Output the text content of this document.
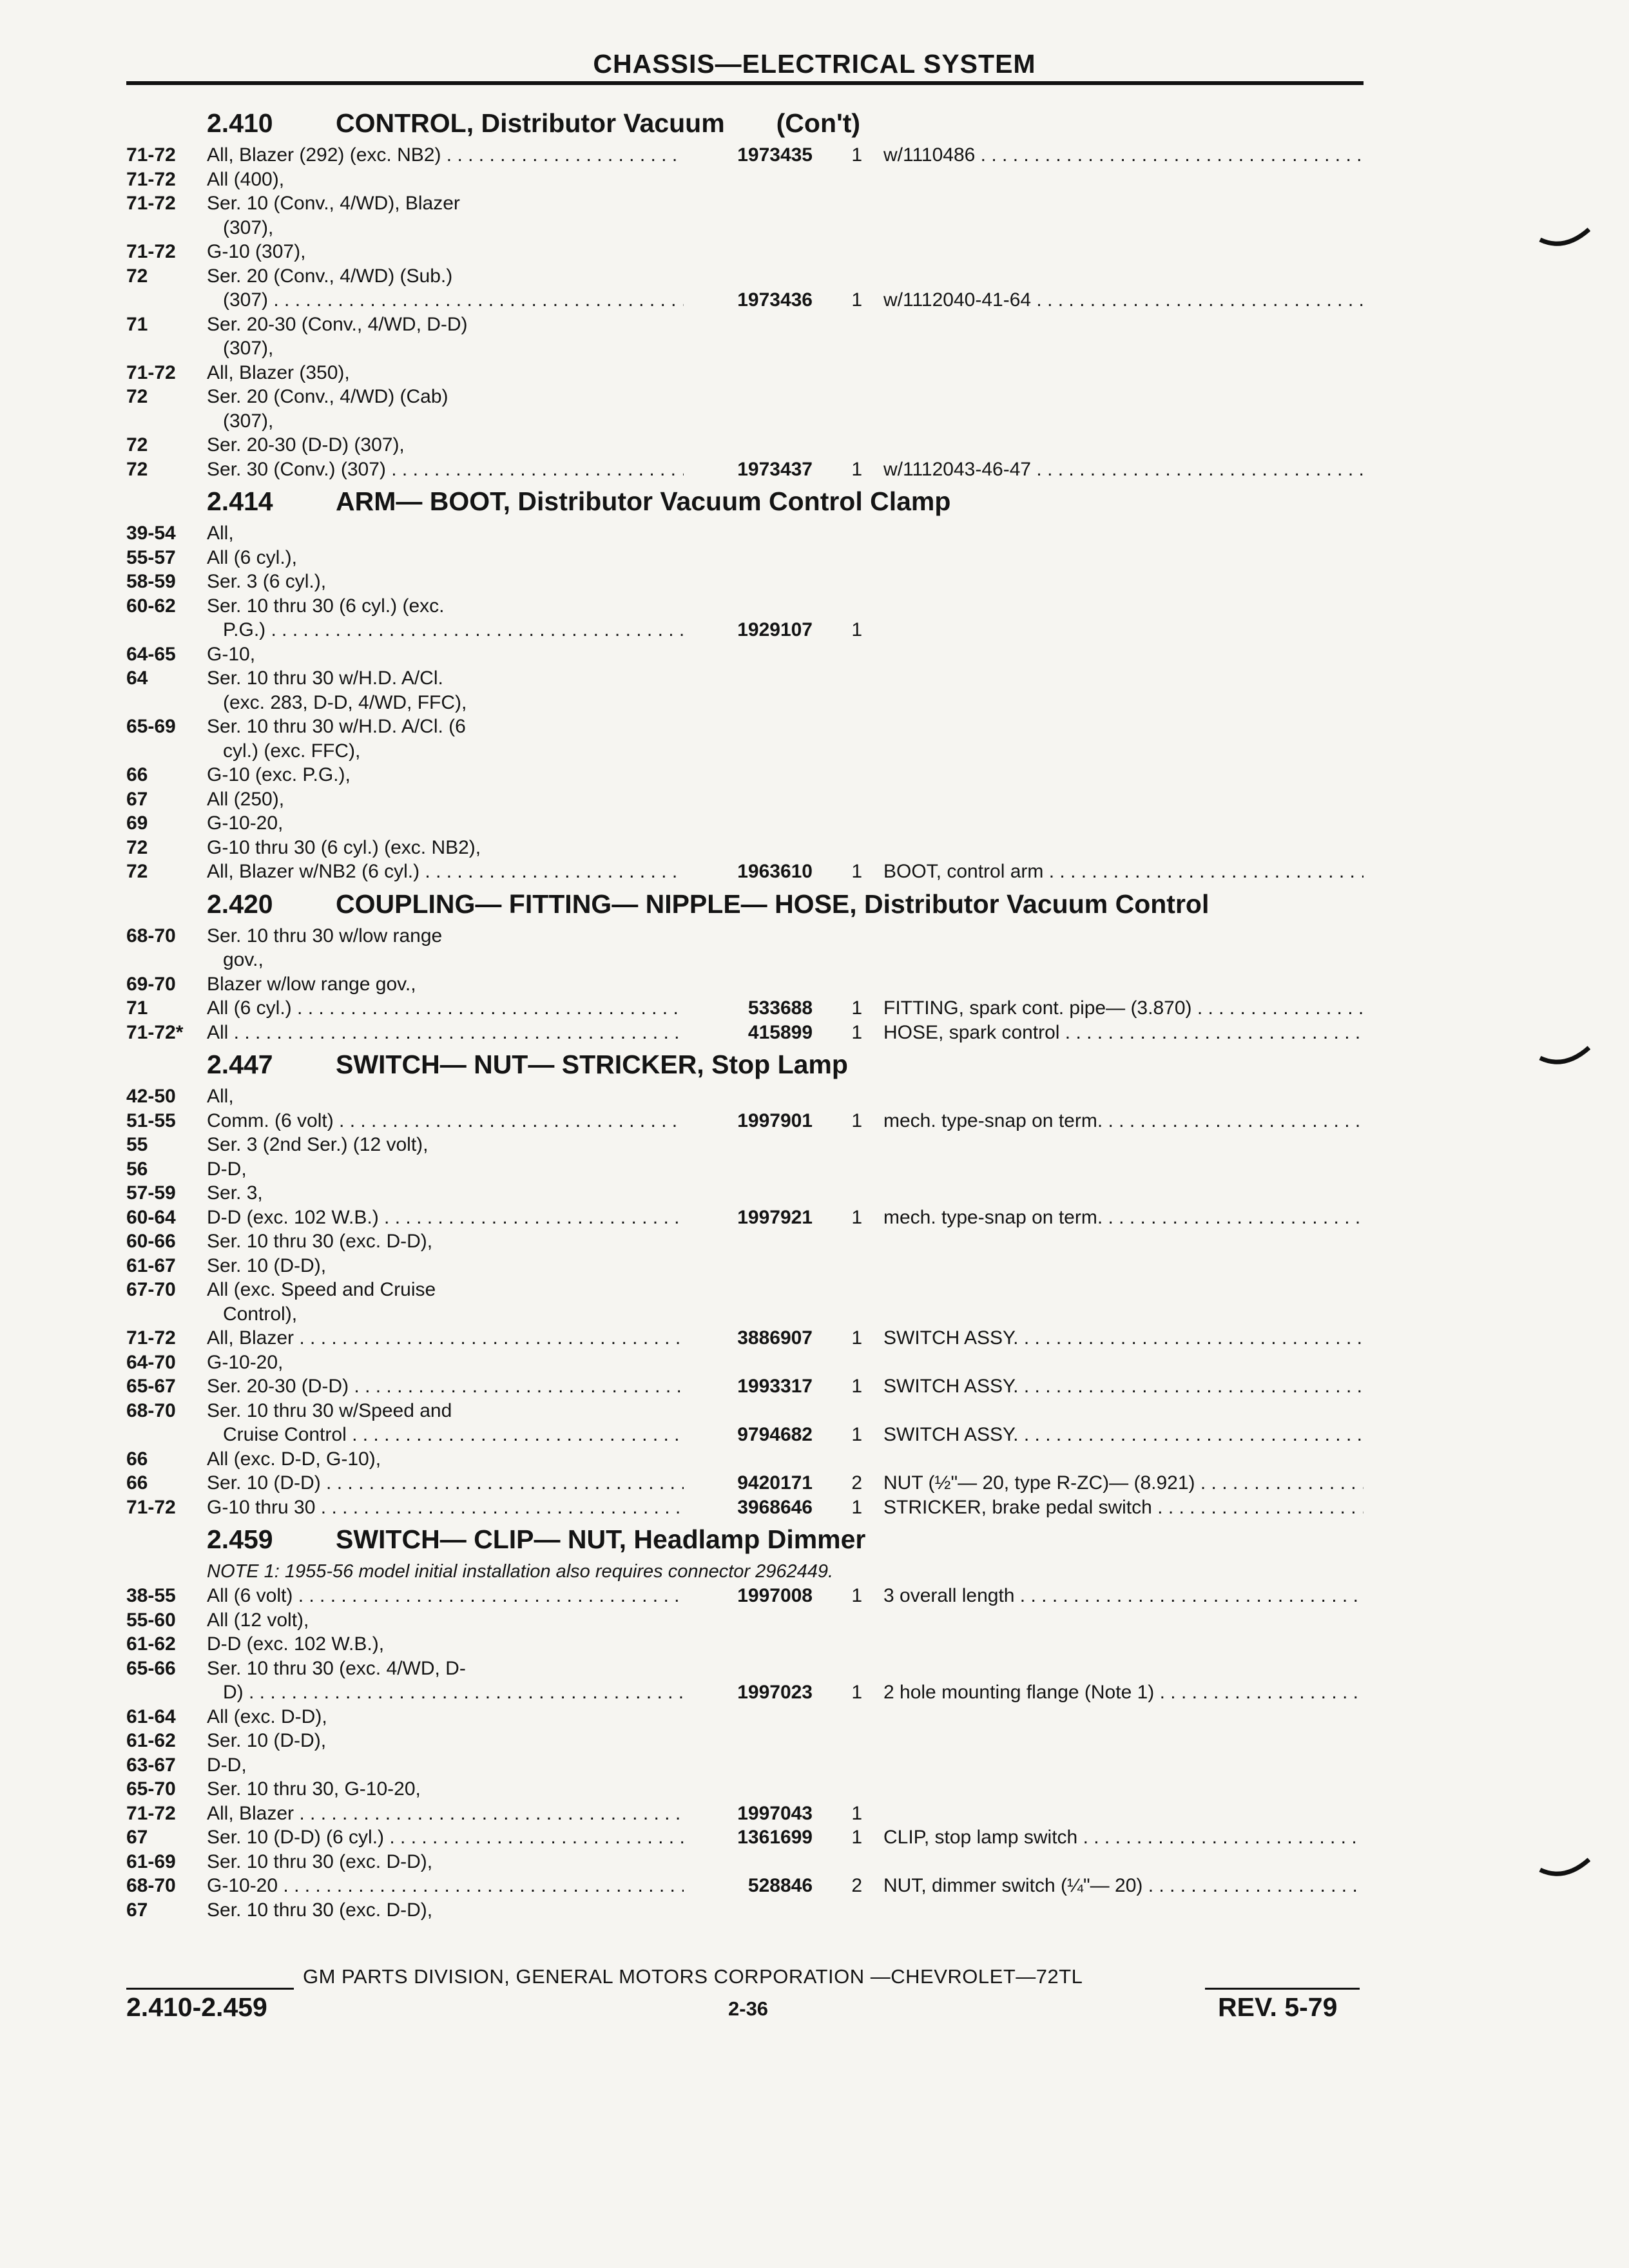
CHASSIS—ELECTRICAL SYSTEM
2.410 CONTROL, Distributor Vacuum (Con't)
71-72	All, Blazer (292) (exc. NB2) . . .	1973435	1 w/1110486 . . .
71-72	All (400),
71-72	Ser. 10 (Conv., 4/WD), Blazer
(307),
71-72	G-10 (307),
72	Ser. 20 (Conv., 4/WD) (Sub.)
(307) . . .	1973436	1 w/1112040-41-64 . . .
71	Ser. 20-30 (Conv., 4/WD, D-D)
(307),
71-72	All, Blazer (350),
72	Ser. 20 (Conv., 4/WD) (Cab)
(307),
72	Ser. 20-30 (D-D) (307),
72	Ser. 30 (Conv.) (307) . . .	1973437	1 w/1112043-46-47 . . .
2.414 ARM— BOOT, Distributor Vacuum Control Clamp
39-54	All,
55-57	All (6 cyl.),
58-59	Ser. 3 (6 cyl.),
60-62	Ser. 10 thru 30 (6 cyl.) (exc.
P.G.) . . .	1929107	1
64-65	G-10,
64	Ser. 10 thru 30 w/H.D. A/Cl.
(exc. 283, D-D, 4/WD, FFC),
65-69	Ser. 10 thru 30 w/H.D. A/Cl. (6
cyl.) (exc. FFC),
66	G-10 (exc. P.G.),
67	All (250),
69	G-10-20,
72	G-10 thru 30 (6 cyl.) (exc. NB2),
72	All, Blazer w/NB2 (6 cyl.) . . .	1963610	1 BOOT, control arm . . .
2.420 COUPLING— FITTING— NIPPLE— HOSE, Distributor Vacuum Control
68-70	Ser. 10 thru 30 w/low range
gov.,
69-70	Blazer w/low range gov.,
71	All (6 cyl.) . . .	533688	1 FITTING, spark cont. pipe— (3.870) . . .
71-72*	All . . .	415899	1 HOSE, spark control . . .
2.447 SWITCH— NUT— STRICKER, Stop Lamp
42-50	All,
51-55	Comm. (6 volt) . . .	1997901	1 mech. type-snap on term. . . .
55	Ser. 3 (2nd Ser.) (12 volt),
56	D-D,
57-59	Ser. 3,
60-64	D-D (exc. 102 W.B.) . . .	1997921	1 mech. type-snap on term. . . .
60-66	Ser. 10 thru 30 (exc. D-D),
61-67	Ser. 10 (D-D),
67-70	All (exc. Speed and Cruise
Control),
71-72	All, Blazer . . .	3886907	1 SWITCH ASSY. . . .
64-70	G-10-20,
65-67	Ser. 20-30 (D-D) . . .	1993317	1 SWITCH ASSY. . . .
68-70	Ser. 10 thru 30 w/Speed and
Cruise Control . . .	9794682	1 SWITCH ASSY. . . .
66	All (exc. D-D, G-10),
66	Ser. 10 (D-D) . . .	9420171	2 NUT (½"— 20, type R-ZC)— (8.921) . . .
71-72	G-10 thru 30 . . .	3968646	1 STRICKER, brake pedal switch . . .
2.459 SWITCH— CLIP— NUT, Headlamp Dimmer
NOTE 1: 1955-56 model initial installation also requires connector 2962449.
38-55	All (6 volt) . . .	1997008	1 3 overall length . . .
55-60	All (12 volt),
61-62	D-D (exc. 102 W.B.),
65-66	Ser. 10 thru 30 (exc. 4/WD, D-
D) . . .	1997023	1 2 hole mounting flange (Note 1) . . .
61-64	All (exc. D-D),
61-62	Ser. 10 (D-D),
63-67	D-D,
65-70	Ser. 10 thru 30, G-10-20,
71-72	All, Blazer . . .	1997043	1
67	Ser. 10 (D-D) (6 cyl.) . . .	1361699	1 CLIP, stop lamp switch . . .
61-69	Ser. 10 thru 30 (exc. D-D),
68-70	G-10-20 . . .	528846	2 NUT, dimmer switch (¼"— 20) . . .
67	Ser. 10 thru 30 (exc. D-D),
GM PARTS DIVISION, GENERAL MOTORS CORPORATION —CHEVROLET—72TL
2.410-2.459	2-36	REV. 5-79
